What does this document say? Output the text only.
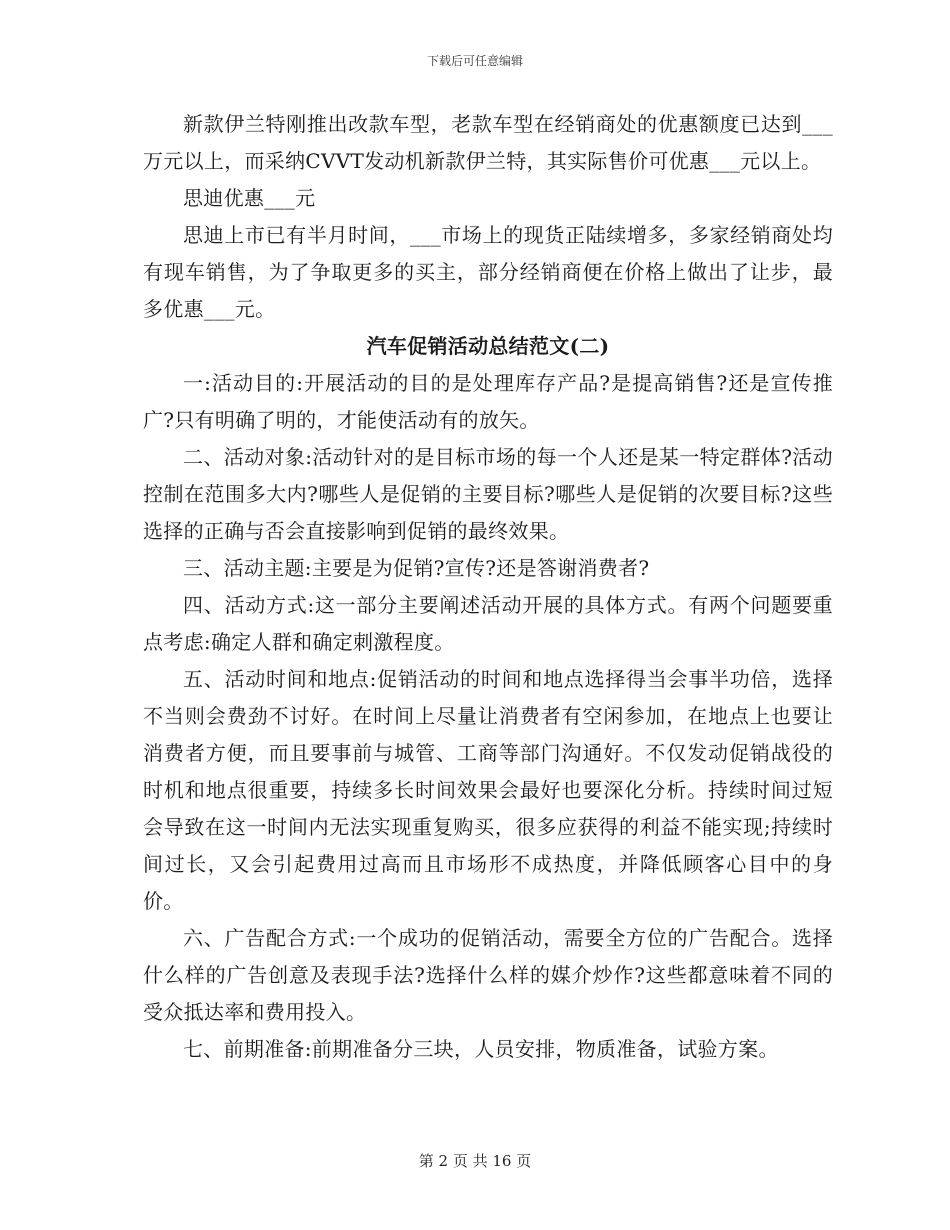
下载后可任意编辑

新款伊兰特刚推出改款车型，老款车型在经销商处的优惠额度已达到___万元以上，而采纳CVVT发动机新款伊兰特，其实际售价可优惠___元以上。

思迪优惠___元

思迪上市已有半月时间，___市场上的现货正陆续增多，多家经销商处均有现车销售，为了争取更多的买主，部分经销商便在价格上做出了让步，最多优惠___元。

汽车促销活动总结范文(二)

一:活动目的:开展活动的目的是处理库存产品?是提高销售?还是宣传推广?只有明确了明的，才能使活动有的放矢。

二、活动对象:活动针对的是目标市场的每一个人还是某一特定群体?活动控制在范围多大内?哪些人是促销的主要目标?哪些人是促销的次要目标?这些选择的正确与否会直接影响到促销的最终效果。

三、活动主题:主要是为促销?宣传?还是答谢消费者?

四、活动方式:这一部分主要阐述活动开展的具体方式。有两个问题要重点考虑:确定人群和确定刺激程度。

五、活动时间和地点:促销活动的时间和地点选择得当会事半功倍，选择不当则会费劲不讨好。在时间上尽量让消费者有空闲参加，在地点上也要让消费者方便，而且要事前与城管、工商等部门沟通好。不仅发动促销战役的时机和地点很重要，持续多长时间效果会最好也要深化分析。持续时间过短会导致在这一时间内无法实现重复购买，很多应获得的利益不能实现;持续时间过长，又会引起费用过高而且市场形不成热度，并降低顾客心目中的身价。

六、广告配合方式:一个成功的促销活动，需要全方位的广告配合。选择什么样的广告创意及表现手法?选择什么样的媒介炒作?这些都意味着不同的受众抵达率和费用投入。

七、前期准备:前期准备分三块，人员安排，物质准备，试验方案。

第 2 页 共 16 页
